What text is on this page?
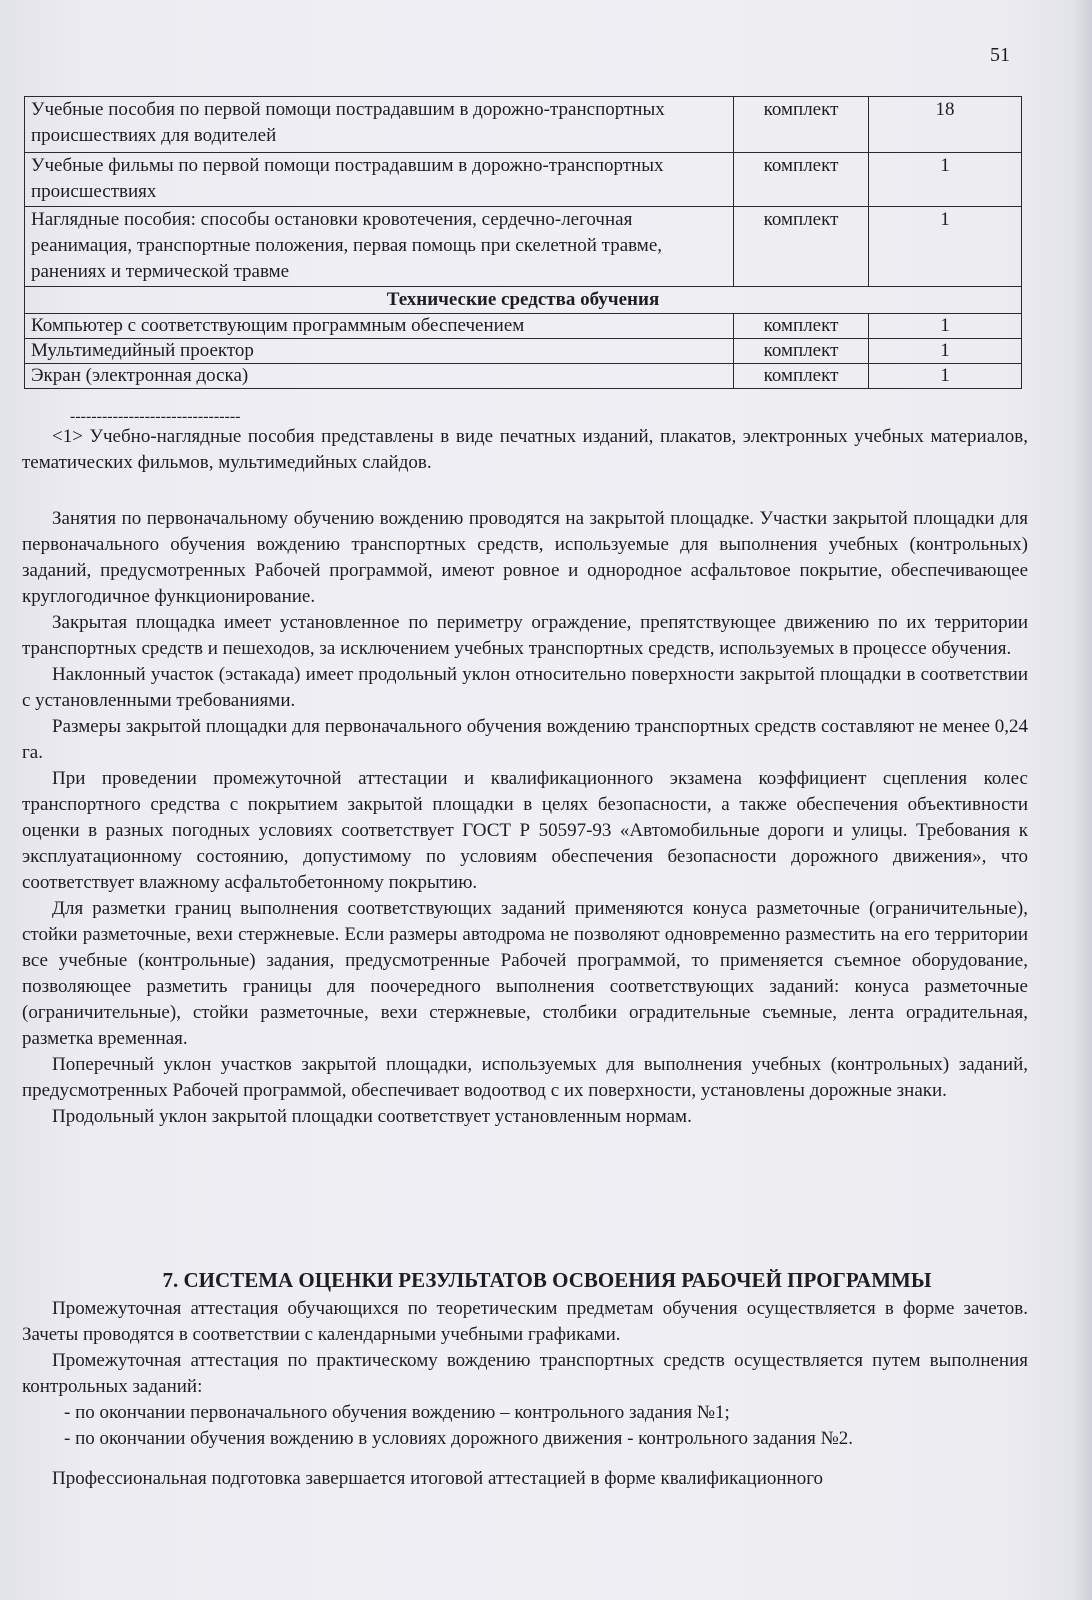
51
Учебные пособия по первой помощи пострадавшим в дорожно-транспортных происшествиях для водителей	комплект	18
Учебные фильмы по первой помощи пострадавшим в дорожно-транспортных происшествиях	комплект	1
Наглядные пособия: способы остановки кровотечения, сердечно-легочная реанимация, транспортные положения, первая помощь при скелетной травме, ранениях и термической травме	комплект	1
Технические средства обучения		
Компьютер с соответствующим программным обеспечением	комплект	1
Мультимедийный проектор	комплект	1
Экран (электронная доска)	комплект	1
--------------------------------

<1> Учебно-наглядные пособия представлены в виде печатных изданий, плакатов, электронных учебных материалов, тематических фильмов, мультимедийных слайдов.

Занятия по первоначальному обучению вождению проводятся на закрытой площадке. Участки закрытой площадки для первоначального обучения вождению транспортных средств, используемые для выполнения учебных (контрольных) заданий, предусмотренных Рабочей программой, имеют ровное и однородное асфальтовое покрытие, обеспечивающее круглогодичное функционирование.

Закрытая площадка имеет установленное по периметру ограждение, препятствующее движению по их территории транспортных средств и пешеходов, за исключением учебных транспортных средств, используемых в процессе обучения.

Наклонный участок (эстакада) имеет продольный уклон относительно поверхности закрытой площадки в соответствии с установленными требованиями.

Размеры закрытой площадки для первоначального обучения вождению транспортных средств составляют не менее 0,24 га.

При проведении промежуточной аттестации и квалификационного экзамена коэффициент сцепления колес транспортного средства с покрытием закрытой площадки в целях безопасности, а также обеспечения объективности оценки в разных погодных условиях соответствует ГОСТ Р 50597-93 «Автомобильные дороги и улицы. Требования к эксплуатационному состоянию, допустимому по условиям обеспечения безопасности дорожного движения», что соответствует влажному асфальтобетонному покрытию.

Для разметки границ выполнения соответствующих заданий применяются конуса разметочные (ограничительные), стойки разметочные, вехи стержневые. Если размеры автодрома не позволяют одновременно разместить на его территории все учебные (контрольные) задания, предусмотренные Рабочей программой, то применяется съемное оборудование, позволяющее разметить границы для поочередного выполнения соответствующих заданий: конуса разметочные (ограничительные), стойки разметочные, вехи стержневые, столбики оградительные съемные, лента оградительная, разметка временная.

Поперечный уклон участков закрытой площадки, используемых для выполнения учебных (контрольных) заданий, предусмотренных Рабочей программой, обеспечивает водоотвод с их поверхности, установлены дорожные знаки.

Продольный уклон закрытой площадки соответствует установленным нормам.

7. СИСТЕМА ОЦЕНКИ РЕЗУЛЬТАТОВ ОСВОЕНИЯ РАБОЧЕЙ ПРОГРАММЫ

Промежуточная аттестация обучающихся по теоретическим предметам обучения осуществляется в форме зачетов. Зачеты проводятся в соответствии с календарными учебными графиками.

Промежуточная аттестация по практическому вождению транспортных средств осуществляется путем выполнения контрольных заданий:

- по окончании первоначального обучения вождению – контрольного задания №1;

- по окончании обучения вождению в условиях дорожного движения - контрольного задания №2.

Профессиональная подготовка завершается итоговой аттестацией в форме квалификационного
